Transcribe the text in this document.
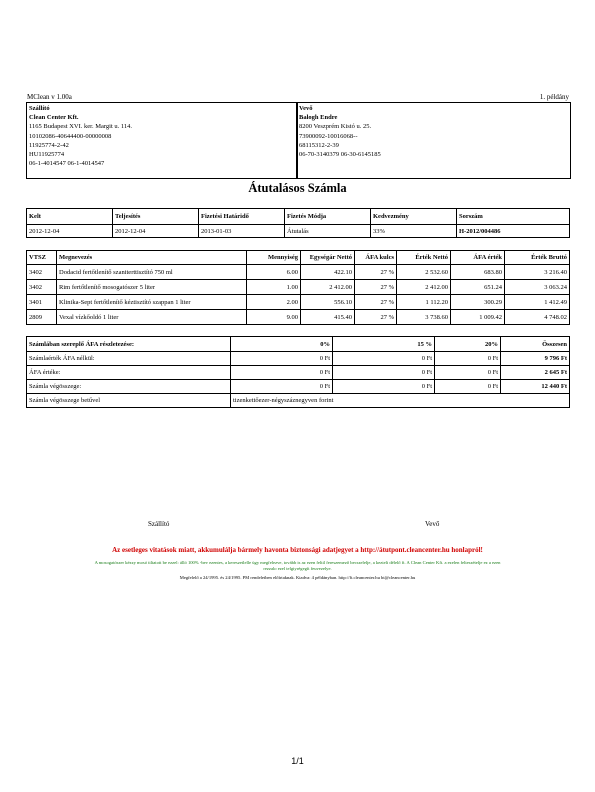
MClean v 1.00a	1. példány
Szállító
Clean Center Kft.
1165 Budapest XVI. ker. Margit u. 114.
10102086-40644400-00000008
11925774-2-42
HU11925774
06-1-4014547 06-1-4014547
Vevő
Balogh Endre
8200 Veszprém Kistó u. 25.
73900092-10016068--
68115312-2-39
06-70-3140379 06-30-6145185
Átutalásos Számla
Kelt	Teljesítés	Fizetési Határidő	Fizetés Módja	Kedvezmény	Sorszám
2012-12-04	2012-12-04	2013-01-03	Átutalás	33%	H-2012/004486
VTSZ	Megnevezés	Mennyiség	Egységár Nettó	ÁFA kulcs	Érték Nettó	ÁFA érték	Érték Bruttó
3402	Dodacid fertőtlenítő szaniterttisztító 750 ml	6.00	422.10	27 %	2 532.60	683.80	3 216.40
3402	Rim fertőtlenítő mosogatószer 5 liter	1.00	2 412.00	27 %	2 412.00	651.24	3 063.24
3401	Klinika-Sept fertőtlenítő kéztisztító szappan 1 liter	2.00	556.10	27 %	1 112.20	300.29	1 412.49
2809	Vexal vízkőoldó 1 liter	9.00	415.40	27 %	3 738.60	1 009.42	4 748.02
Számlában szereplő ÁFA részletezése:	0%	15 %	20%	Összesen
Számlaérték ÁFA nélkül:	0 Ft	0 Ft	0 Ft	9 796 Ft
ÁFA értéke:	0 Ft	0 Ft	0 Ft	2 645 Ft
Számla végösszege:	0 Ft	0 Ft	0 Ft	12 440 Ft
Számla végösszege betűvel	tizenkettőezer-négyszáznegyven forint			
Szállító	Vevő
Az esetleges vitatások miatt, akkumulálja bármely havonta biztonsági adatjegyet a http://átutpont.cleancenter.hu honlapról!
A mosogatószer kézzy mosó tiltatott be ezzel: álló 100% -bev ezentes, a kereszetlelle ügy megfelezve, tovább is az ezen feltil fereszemező becszelelje, a kezteli délelő ft. A Clean Center Kft. a ezelen felteszételje ez a ezen
rezzalo ezel telgiyrégegít feuvezelye.
Megfelelő a 24/1995. és 24/1995. PM rendeletben előírtaknak. Kiadva: 4 példányban. http://ft.cleancenter.hu bt@cleancenter.hu
1/1
